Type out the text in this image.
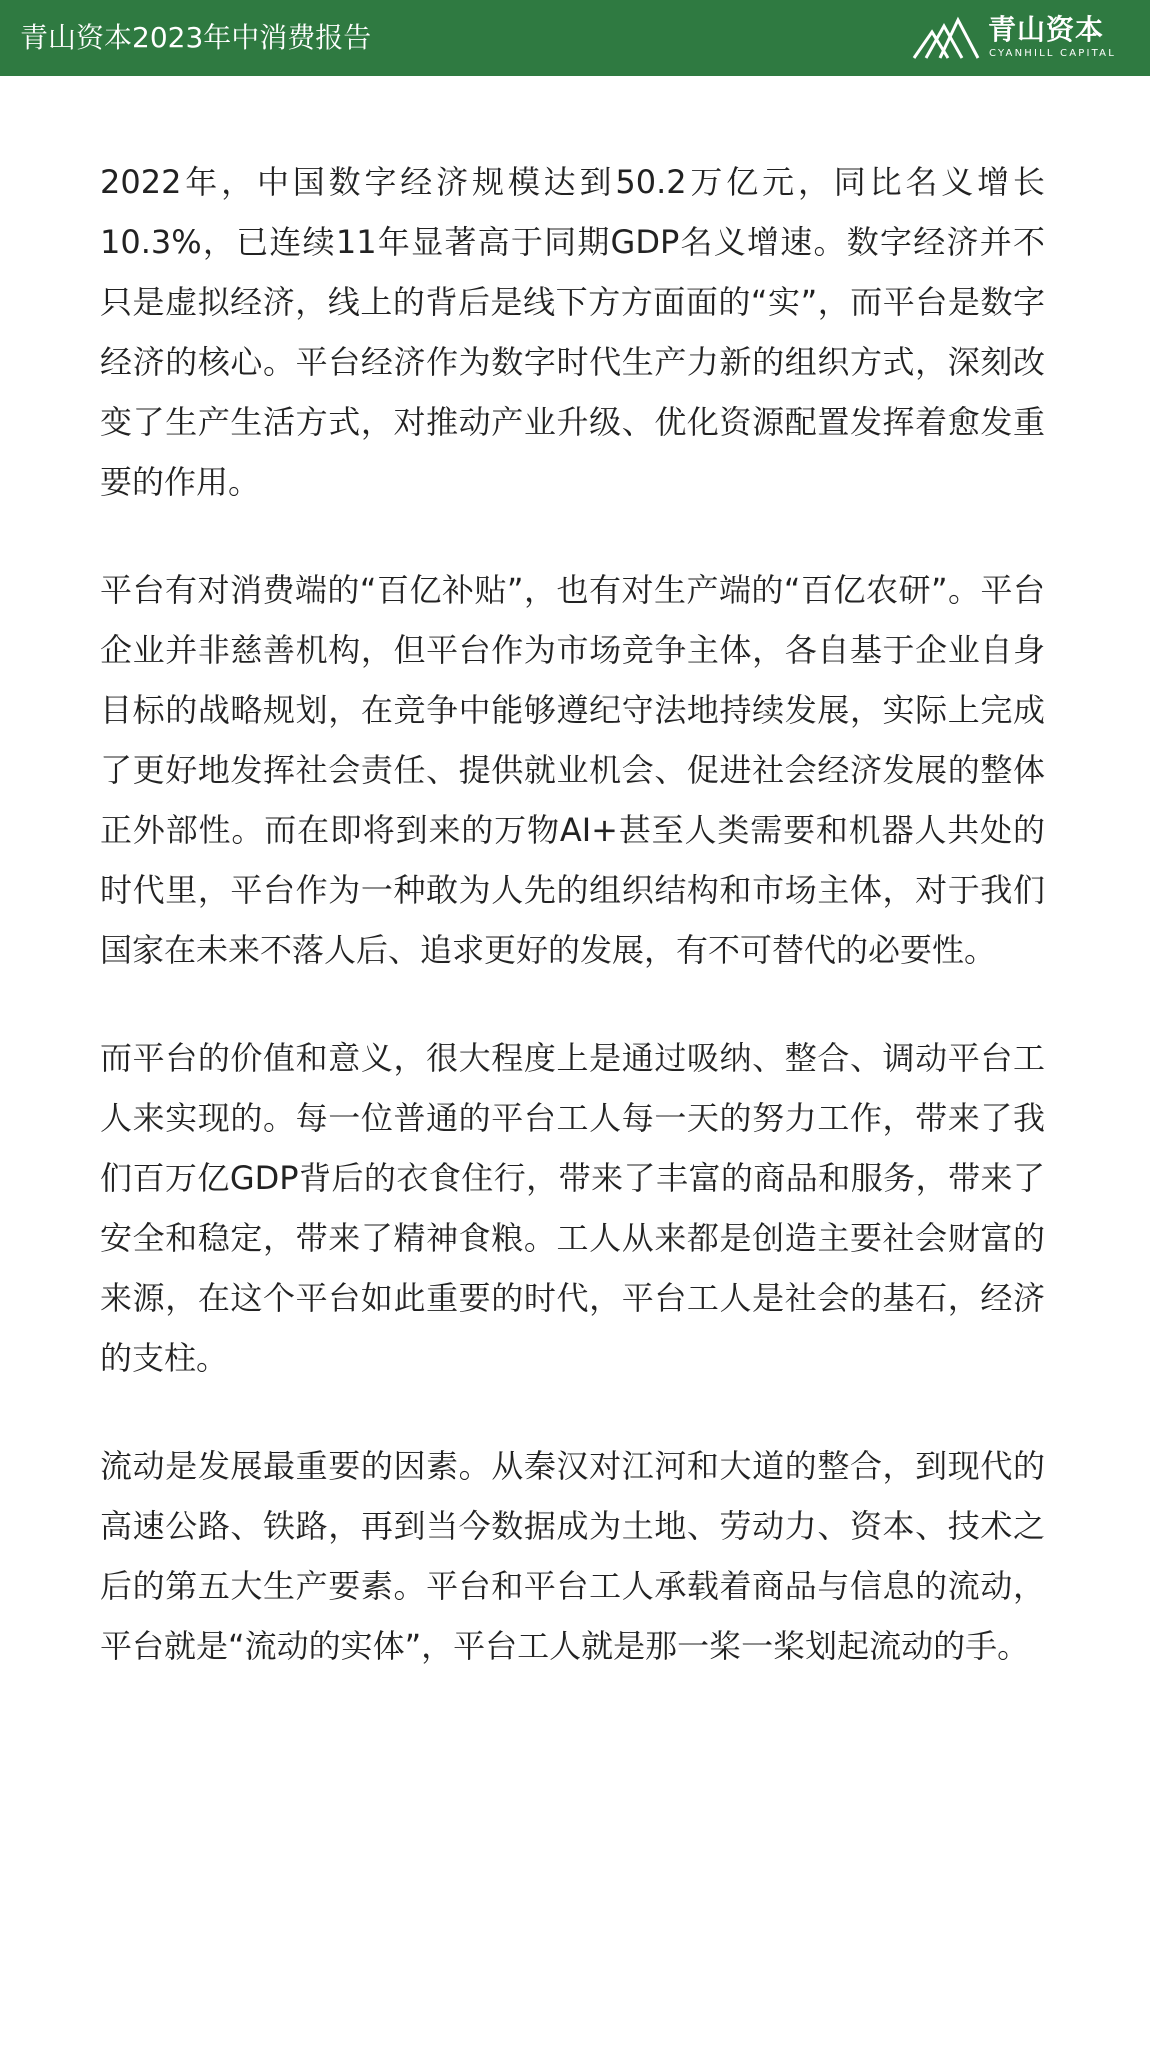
青山资本2023年中消费报告	青山资本
CYANHILL CAPITAL

2022年，中国数字经济规模达到50.2万亿元，同比名义增长10.3%，已连续11年显著高于同期GDP名义增速。数字经济并不只是虚拟经济，线上的背后是线下方方面面的“实”，而平台是数字经济的核心。平台经济作为数字时代生产力新的组织方式，深刻改变了生产生活方式，对推动产业升级、优化资源配置发挥着愈发重要的作用。

平台有对消费端的“百亿补贴”，也有对生产端的“百亿农研”。平台企业并非慈善机构，但平台作为市场竞争主体，各自基于企业自身目标的战略规划，在竞争中能够遵纪守法地持续发展，实际上完成了更好地发挥社会责任、提供就业机会、促进社会经济发展的整体正外部性。而在即将到来的万物AI+甚至人类需要和机器人共处的时代里，平台作为一种敢为人先的组织结构和市场主体，对于我们国家在未来不落人后、追求更好的发展，有不可替代的必要性。

而平台的价值和意义，很大程度上是通过吸纳、整合、调动平台工人来实现的。每一位普通的平台工人每一天的努力工作，带来了我们百万亿GDP背后的衣食住行，带来了丰富的商品和服务，带来了安全和稳定，带来了精神食粮。工人从来都是创造主要社会财富的来源，在这个平台如此重要的时代，平台工人是社会的基石，经济的支柱。

流动是发展最重要的因素。从秦汉对江河和大道的整合，到现代的高速公路、铁路，再到当今数据成为土地、劳动力、资本、技术之后的第五大生产要素。平台和平台工人承载着商品与信息的流动，平台就是“流动的实体”，平台工人就是那一桨一桨划起流动的手。
